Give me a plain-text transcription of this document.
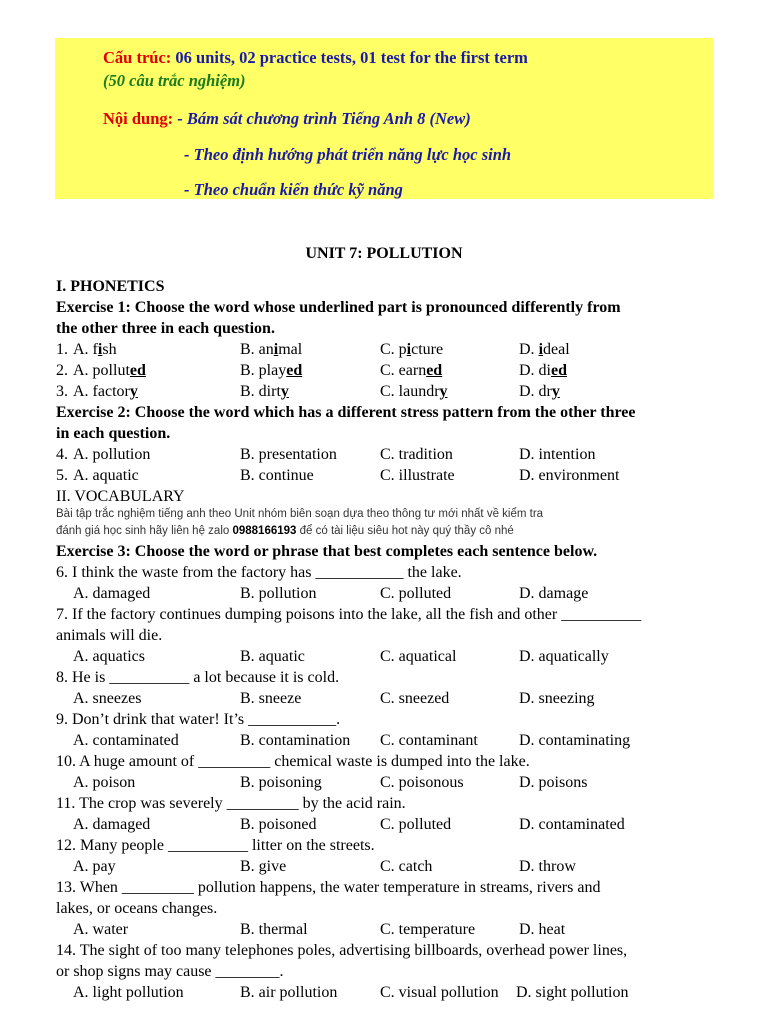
Cấu trúc: 06 units, 02 practice tests, 01 test for the first term
(50 câu trắc nghiệm)
Nội dung: - Bám sát chương trình Tiếng Anh 8 (New)
- Theo định hướng phát triển năng lực học sinh
- Theo chuẩn kiến thức kỹ năng
UNIT 7: POLLUTION
I. PHONETICS
Exercise 1: Choose the word whose underlined part is pronounced differently from
the other three in each question.
1. A. fish	B. animal	C. picture	D. ideal
2. A. polluted	B. played	C. earned	D. died
3. A. factory	B. dirty	C. laundry	D. dry
Exercise 2: Choose the word which has a different stress pattern from the other three
in each question.
4. A. pollution	B. presentation	C. tradition	D. intention
5. A. aquatic	B. continue	C. illustrate	D. environment
II. VOCABULARY
Bài tập trắc nghiệm tiếng anh theo Unit nhóm biên soạn dựa theo thông tư mới nhất về kiểm tra
đánh giá học sinh hãy liên hệ zalo 0988166193 để có tài liệu siêu hot này quý thầy cô nhé
Exercise 3: Choose the word or phrase that best completes each sentence below.
6. I think the waste from the factory has ___________ the lake.
A. damaged	B. pollution	C. polluted	D. damage
7. If the factory continues dumping poisons into the lake, all the fish and other __________
animals will die.
A. aquatics	B. aquatic	C. aquatical	D. aquatically
8. He is __________ a lot because it is cold.
A. sneezes	B. sneeze	C. sneezed	D. sneezing
9. Don’t drink that water! It’s ___________.
A. contaminated	B. contamination C. contaminant	D. contaminating
10. A huge amount of _________ chemical waste is dumped into the lake.
A. poison	B. poisoning	C. poisonous	D. poisons
11. The crop was severely _________ by the acid rain.
A. damaged	B. poisoned	C. polluted	D. contaminated
12. Many people __________ litter on the streets.
A. pay	B. give	C. catch	D. throw
13. When _________ pollution happens, the water temperature in streams, rivers and
lakes, or oceans changes.
A. water	B. thermal	C. temperature	D. heat
14. The sight of too many telephones poles, advertising billboards, overhead power lines,
or shop signs may cause ________.
A. light pollution	B. air pollution	C. visual pollution D. sight pollution
